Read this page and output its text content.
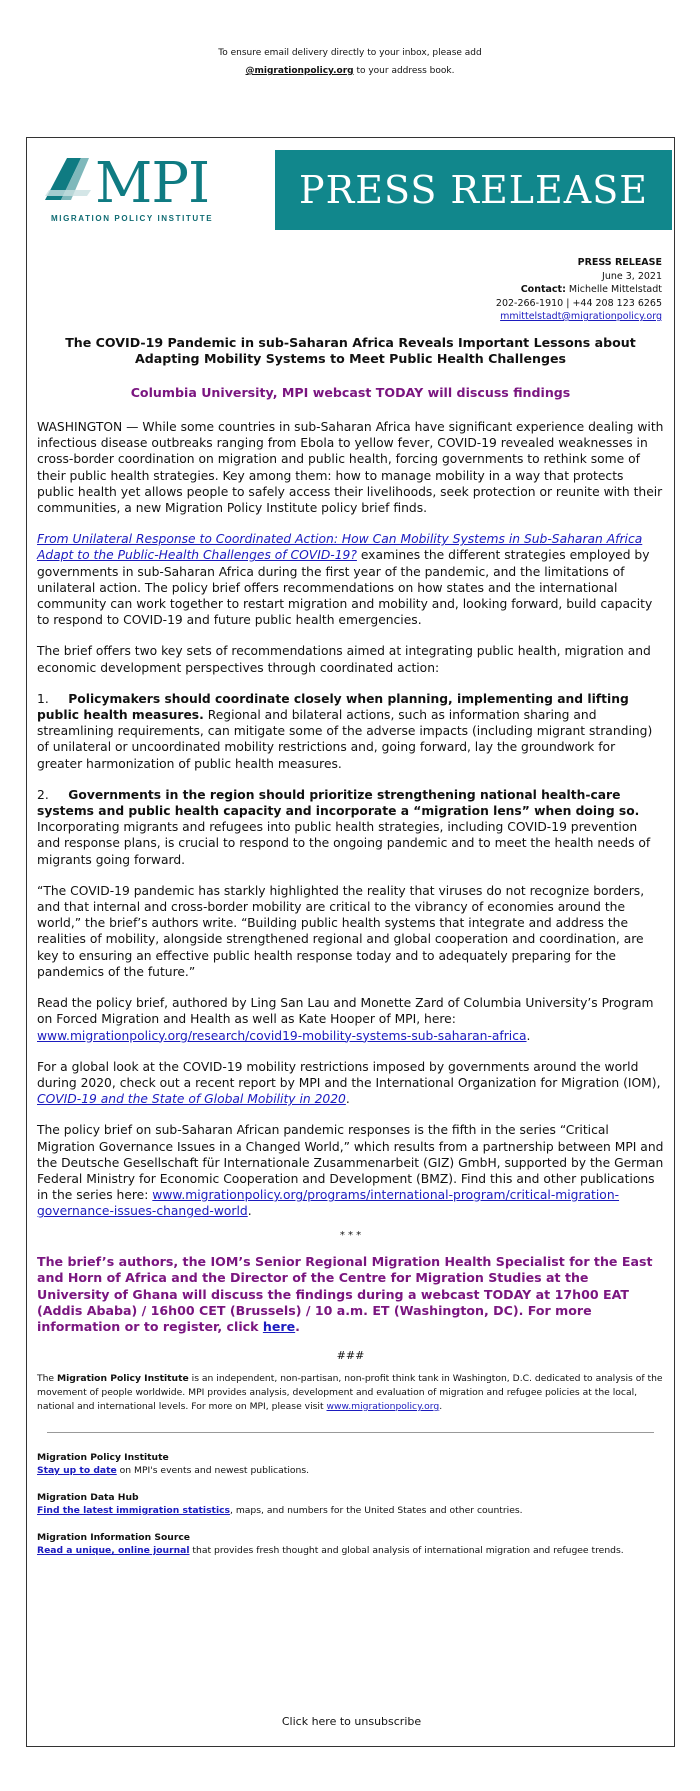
To ensure email delivery directly to your inbox, please add
@migrationpolicy.org to your address book.
MPI
MIGRATION POLICY INSTITUTE
PRESS RELEASE
PRESS RELEASE
June 3, 2021
Contact: Michelle Mittelstadt
202-266-1910 | +44 208 123 6265
mmittelstadt@migrationpolicy.org
The COVID-19 Pandemic in sub-Saharan Africa Reveals Important Lessons about Adapting Mobility Systems to Meet Public Health Challenges
Columbia University, MPI webcast TODAY will discuss findings

WASHINGTON — While some countries in sub-Saharan Africa have significant experience dealing with infectious disease outbreaks ranging from Ebola to yellow fever, COVID-19 revealed weaknesses in cross-border coordination on migration and public health, forcing governments to rethink some of their public health strategies. Key among them: how to manage mobility in a way that protects public health yet allows people to safely access their livelihoods, seek protection or reunite with their communities, a new Migration Policy Institute policy brief finds.

From Unilateral Response to Coordinated Action: How Can Mobility Systems in Sub-Saharan Africa Adapt to the Public-Health Challenges of COVID-19? examines the different strategies employed by governments in sub-Saharan Africa during the first year of the pandemic, and the limitations of unilateral action. The policy brief offers recommendations on how states and the international community can work together to restart migration and mobility and, looking forward, build capacity to respond to COVID-19 and future public health emergencies.

The brief offers two key sets of recommendations aimed at integrating public health, migration and economic development perspectives through coordinated action:

1. Policymakers should coordinate closely when planning, implementing and lifting public health measures. Regional and bilateral actions, such as information sharing and streamlining requirements, can mitigate some of the adverse impacts (including migrant stranding) of unilateral or uncoordinated mobility restrictions and, going forward, lay the groundwork for greater harmonization of public health measures.

2. Governments in the region should prioritize strengthening national health-care systems and public health capacity and incorporate a “migration lens” when doing so. Incorporating migrants and refugees into public health strategies, including COVID-19 prevention and response plans, is crucial to respond to the ongoing pandemic and to meet the health needs of migrants going forward.

“The COVID-19 pandemic has starkly highlighted the reality that viruses do not recognize borders, and that internal and cross-border mobility are critical to the vibrancy of economies around the world,” the brief’s authors write. “Building public health systems that integrate and address the realities of mobility, alongside strengthened regional and global cooperation and coordination, are key to ensuring an effective public health response today and to adequately preparing for the pandemics of the future.”

Read the policy brief, authored by Ling San Lau and Monette Zard of Columbia University’s Program on Forced Migration and Health as well as Kate Hooper of MPI, here: www.migrationpolicy.org/research/covid19-mobility-systems-sub-saharan-africa.

For a global look at the COVID-19 mobility restrictions imposed by governments around the world during 2020, check out a recent report by MPI and the International Organization for Migration (IOM), COVID-19 and the State of Global Mobility in 2020.

The policy brief on sub-Saharan African pandemic responses is the fifth in the series “Critical Migration Governance Issues in a Changed World,” which results from a partnership between MPI and the Deutsche Gesellschaft für Internationale Zusammenarbeit (GIZ) GmbH, supported by the German Federal Ministry for Economic Cooperation and Development (BMZ). Find this and other publications in the series here: www.migrationpolicy.org/programs/international-program/critical-migration-governance-issues-changed-world.

* * *
The brief’s authors, the IOM’s Senior Regional Migration Health Specialist for the East and Horn of Africa and the Director of the Centre for Migration Studies at the University of Ghana will discuss the findings during a webcast TODAY at 17h00 EAT (Addis Ababa) / 16h00 CET (Brussels) / 10 a.m. ET (Washington, DC). For more information or to register, click here.
###
The Migration Policy Institute is an independent, non-partisan, non-profit think tank in Washington, D.C. dedicated to analysis of the movement of people worldwide. MPI provides analysis, development and evaluation of migration and refugee policies at the local, national and international levels. For more on MPI, please visit www.migrationpolicy.org.
Migration Policy Institute
Stay up to date on MPI's events and newest publications.
Migration Data Hub
Find the latest immigration statistics, maps, and numbers for the United States and other countries.
Migration Information Source
Read a unique, online journal that provides fresh thought and global analysis of international migration and refugee trends.
Click here to unsubscribe
